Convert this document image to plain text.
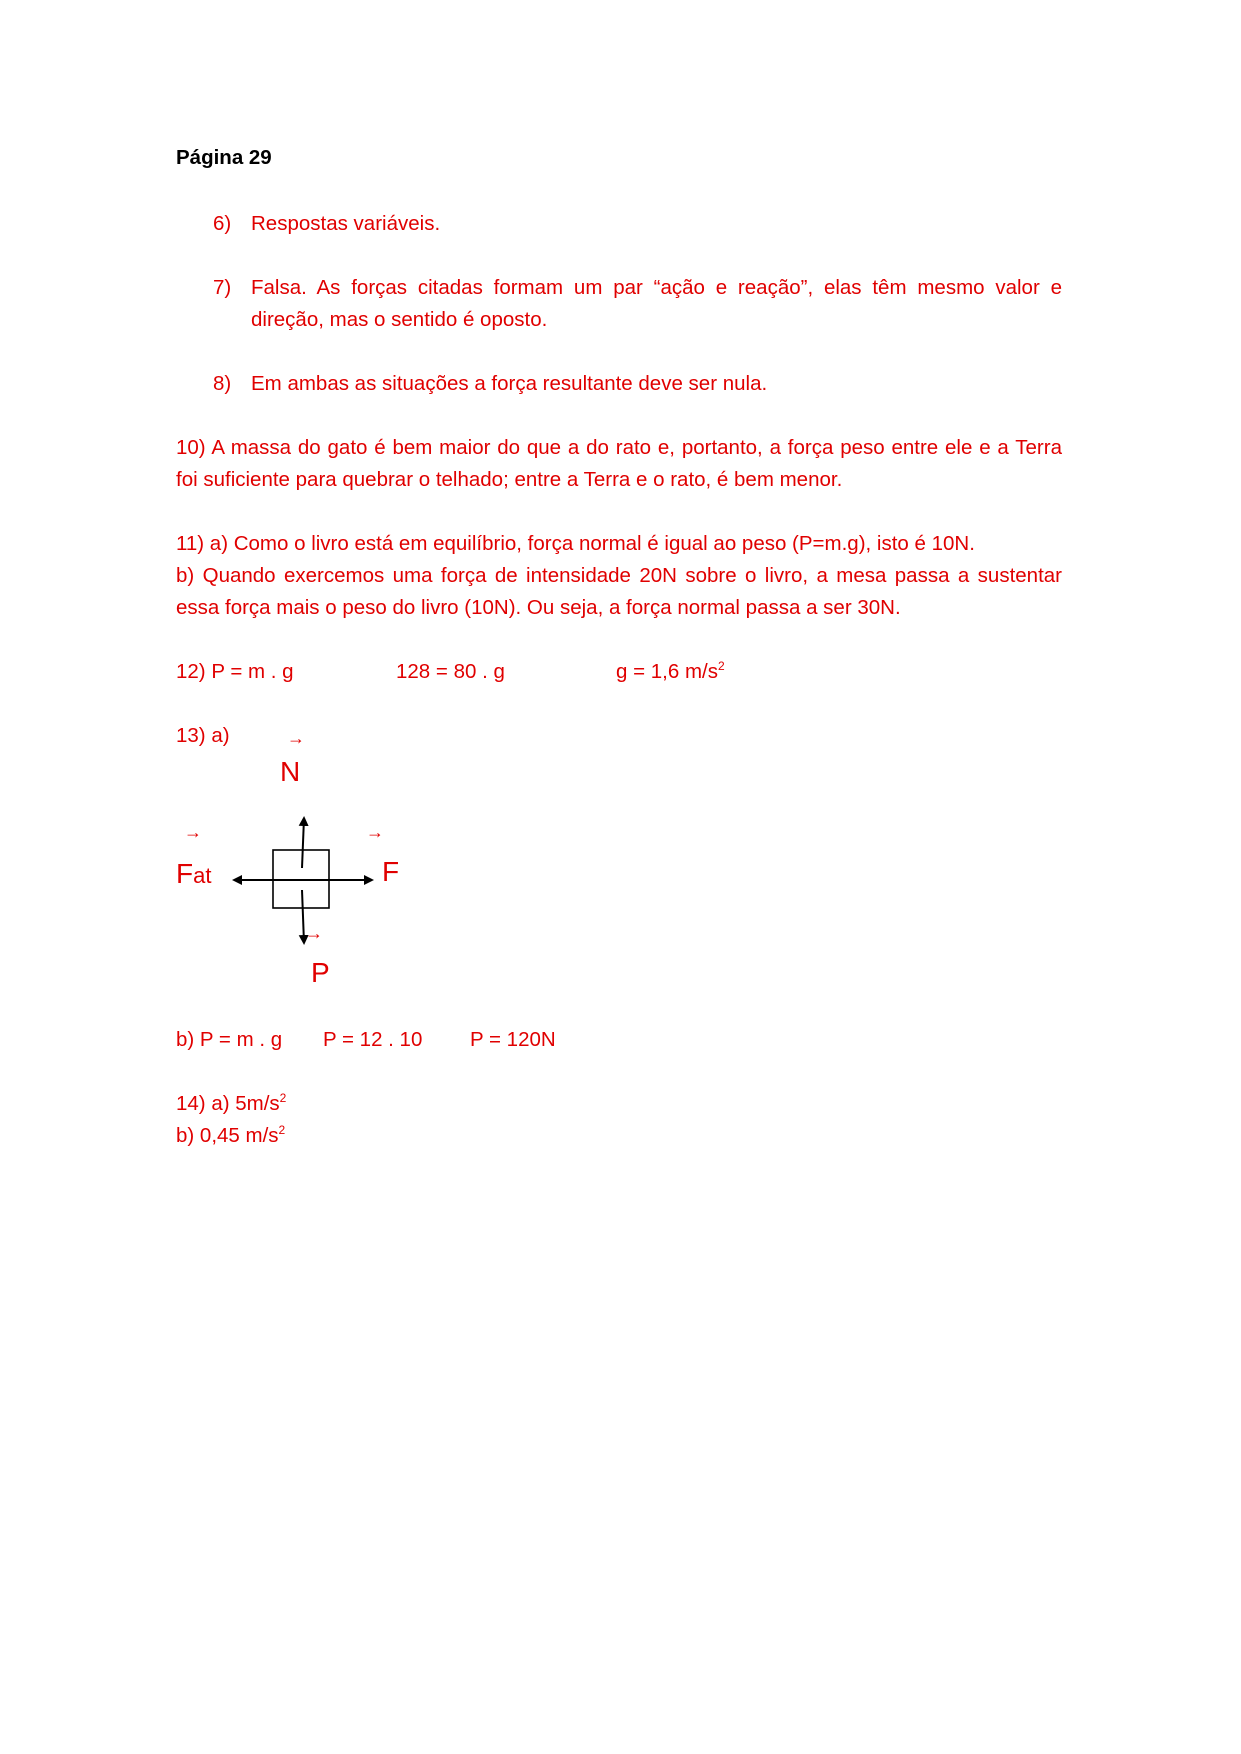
Página 29
6) Respostas variáveis.
7) Falsa. As forças citadas formam um par “ação e reação”, elas têm mesmo valor e direção, mas o sentido é oposto.
8) Em ambas as situações a força resultante deve ser nula.
10) A massa do gato é bem maior do que a do rato e, portanto, a força peso entre ele e a Terra foi suficiente para quebrar o telhado; entre a Terra e o rato, é bem menor.
11) a) Como o livro está em equilíbrio, força normal é igual ao peso (P=m.g), isto é 10N.
b) Quando exercemos uma força de intensidade 20N sobre o livro, a mesa passa a sustentar essa força mais o peso do livro (10N). Ou seja, a força normal passa a ser 30N.
12) P = m . g	128 = 80 . g	g = 1,6 $m/s^2$
13) a)	→
N
→
Fat
→
F
→
P
b) P = m . g P = 12 . 10 P = 120N
14) a) $5m/s^2$
b) 0,45 $m/s^2$
